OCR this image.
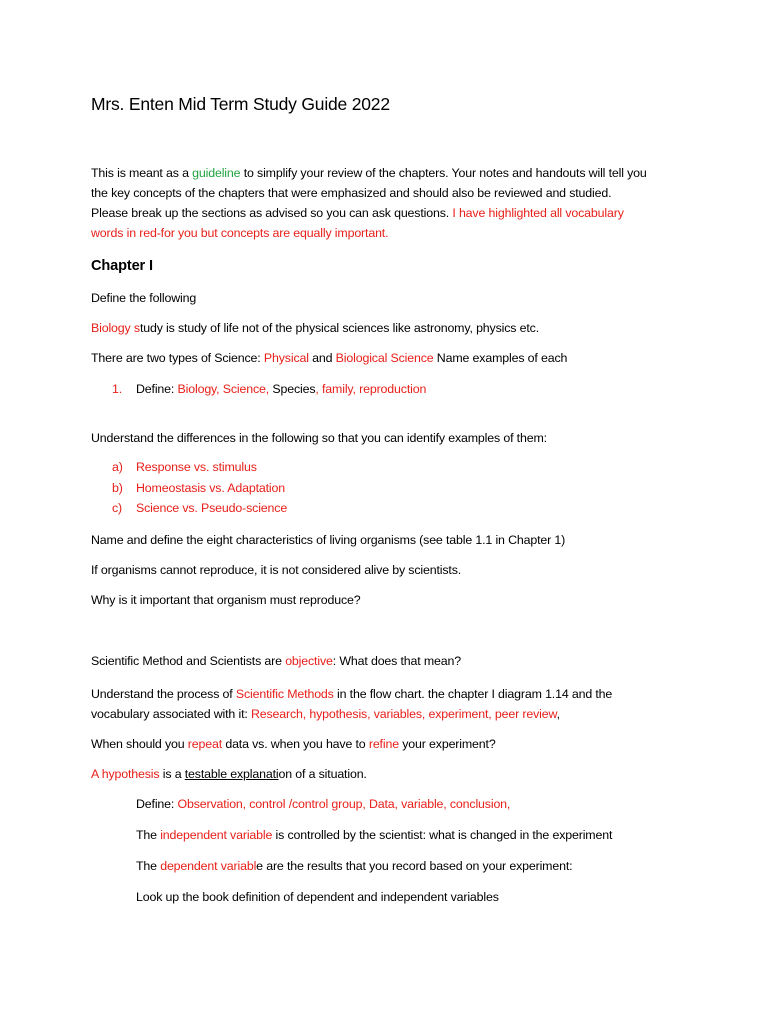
Mrs. Enten Mid Term Study Guide 2022

This is meant as a guideline to simplify your review of the chapters. Your notes and handouts will tell you the key concepts of the chapters that were emphasized and should also be reviewed and studied. Please break up the sections as advised so you can ask questions. I have highlighted all vocabulary words in red-for you but concepts are equally important.

Chapter I

Define the following

Biology study is study of life not of the physical sciences like astronomy, physics etc.

There are two types of Science: Physical and Biological Science Name examples of each

1. Define: Biology, Science, Species, family, reproduction

Understand the differences in the following so that you can identify examples of them:

a) Response vs. stimulus
b) Homeostasis vs. Adaptation
c) Science vs. Pseudo-science

Name and define the eight characteristics of living organisms (see table 1.1 in Chapter 1)

If organisms cannot reproduce, it is not considered alive by scientists.

Why is it important that organism must reproduce?

Scientific Method and Scientists are objective: What does that mean?

Understand the process of Scientific Methods in the flow chart. the chapter I diagram 1.14 and the vocabulary associated with it: Research, hypothesis, variables, experiment, peer review,

When should you repeat data vs. when you have to refine your experiment?

A hypothesis is a testable explanation of a situation.

Define: Observation, control /control group, Data, variable, conclusion,

The independent variable is controlled by the scientist: what is changed in the experiment

The dependent variable are the results that you record based on your experiment:

Look up the book definition of dependent and independent variables
